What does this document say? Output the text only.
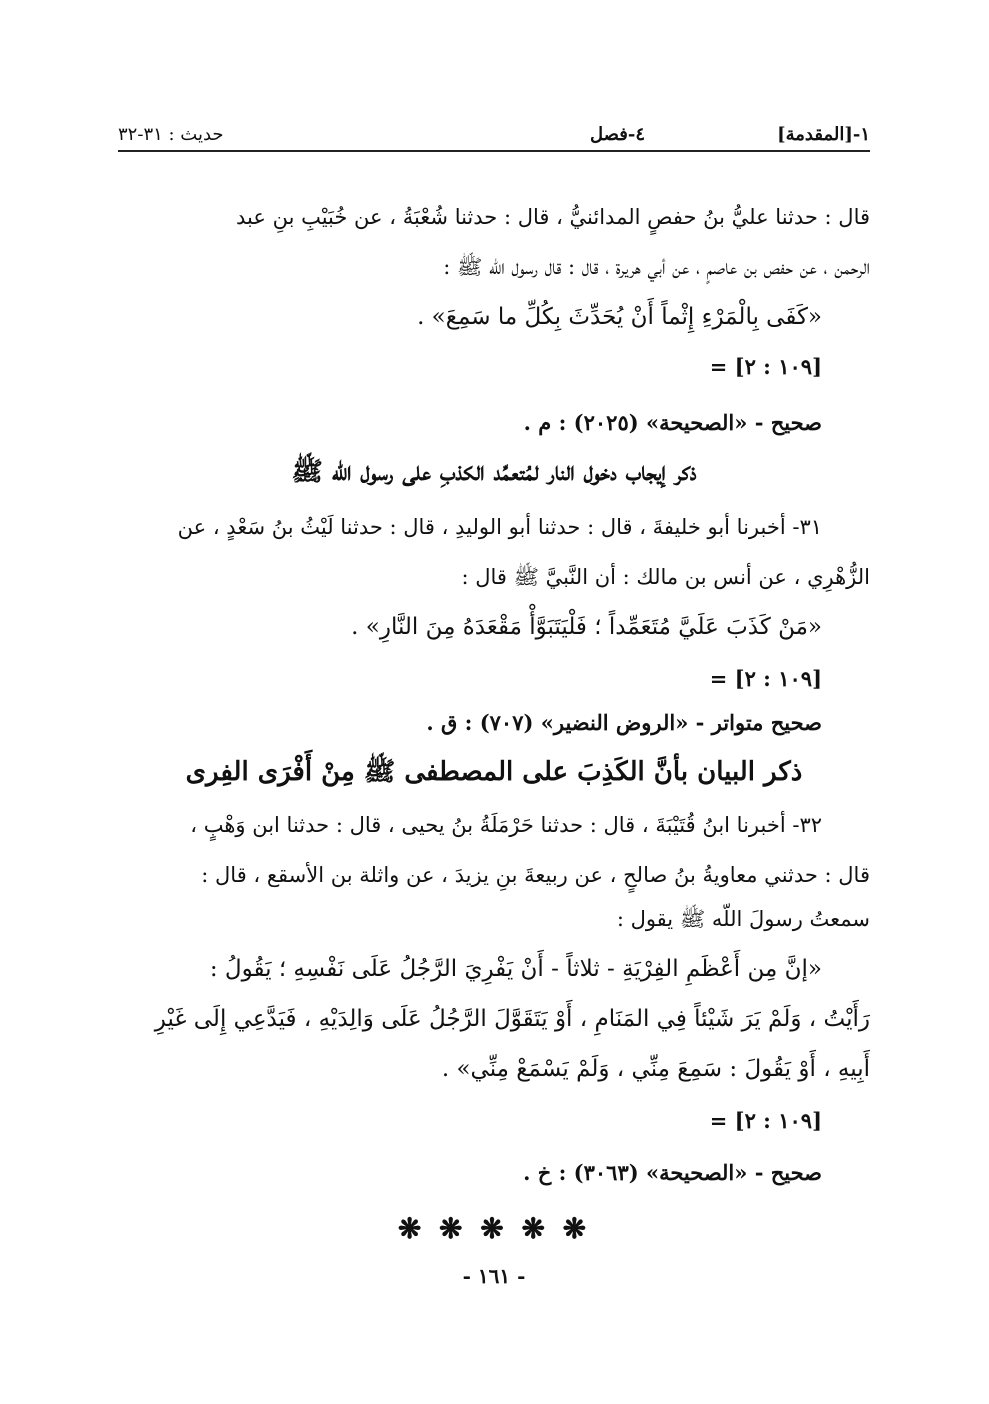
١-[المقدمة]
٤-فصل
حديث : ٣١-٣٢
قال : حدثنا عليُّ بنُ حفصٍ المدائنيُّ ، قال : حدثنا شُعْبَةُ ، عن خُبَيْبِ بنِ عبد
الرحمن ، عن حفص بن عاصمٍ ، عن أبي هريرة ، قال : قال رسول اللّه ﷺ :
«كَفَى بِالْمَرْءِ إِثْماً أَنْ يُحَدِّثَ بِكُلِّ ما سَمِعَ» .
[١٠٩ : ٢] =
صحيح - «الصحيحة» (٢٠٢٥) : م .
ذكر إيجاب دخول النار لمُتعمِّد الكذبِ على رسول اللّه ﷺ
٣١- أخبرنا أبو خليفةَ ، قال : حدثنا أبو الوليدِ ، قال : حدثنا لَيْثُ بنُ سَعْدٍ ، عن
الزُّهْرِي ، عن أنس بن مالك : أن النَّبيَّ ﷺ قال :
«مَنْ كَذَبَ عَلَيَّ مُتَعَمِّداً ؛ فَلْيَتَبَوَّأْ مَقْعَدَهُ مِنَ النَّارِ» .
[١٠٩ : ٢] =
صحيح متواتر - «الروض النضير» (٧٠٧) : ق .
ذكر البيان بأنَّ الكَذِبَ على المصطفى ﷺ مِنْ أَفْرَى الفِرى
٣٢- أخبرنا ابنُ قُتَيْبَةَ ، قال : حدثنا حَرْمَلَةُ بنُ يحيى ، قال : حدثنا ابن وَهْبٍ ،
قال : حدثني معاويةُ بنُ صالحٍ ، عن ربيعةَ بنِ يزيدَ ، عن واثلة بن الأسقع ، قال :
سمعتُ رسولَ اللّه ﷺ يقول :
«إنَّ مِن أَعْظَمِ الفِرْيَةِ - ثلاثاً - أَنْ يَفْرِيَ الرَّجُلُ عَلَى نَفْسِهِ ؛ يَقُولُ :
رَأَيْتُ ، وَلَمْ يَرَ شَيْئاً فِي المَنَامِ ، أَوْ يَتَقَوَّلَ الرَّجُلُ عَلَى وَالِدَيْهِ ، فَيَدَّعِي إِلَى غَيْرِ
أَبِيهِ ، أَوْ يَقُولَ : سَمِعَ مِنِّي ، وَلَمْ يَسْمَعْ مِنِّي» .
[١٠٩ : ٢] =
صحيح - «الصحيحة» (٣٠٦٣) : خ .
❋ ❋ ❋ ❋ ❋
- ١٦١ -
